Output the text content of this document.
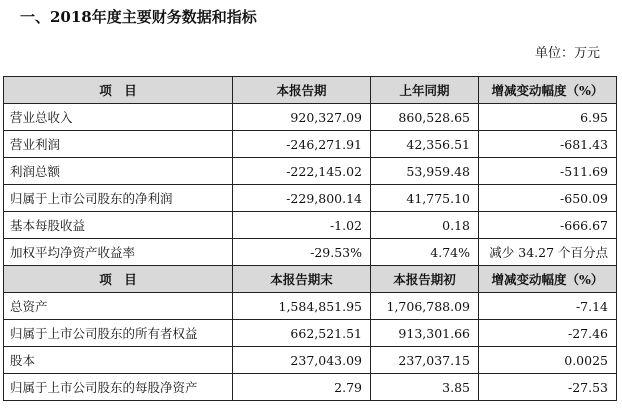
一、2018年度主要财务数据和指标
单位：万元
项　目	本报告期	上年同期	增减变动幅度（%）
营业总收入	920,327.09	860,528.65	6.95
营业利润	-246,271.91	42,356.51	-681.43
利润总额	-222,145.02	53,959.48	-511.69
归属于上市公司股东的净利润	-229,800.14	41,775.10	-650.09
基本每股收益	-1.02	0.18	-666.67
加权平均净资产收益率	-29.53%	4.74%	减少 34.27 个百分点
项　目	本报告期末	本报告期初	增减变动幅度（%）
总资产	1,584,851.95	1,706,788.09	-7.14
归属于上市公司股东的所有者权益	662,521.51	913,301.66	-27.46
股本	237,043.09	237,037.15	0.0025
归属于上市公司股东的每股净资产	2.79	3.85	-27.53
